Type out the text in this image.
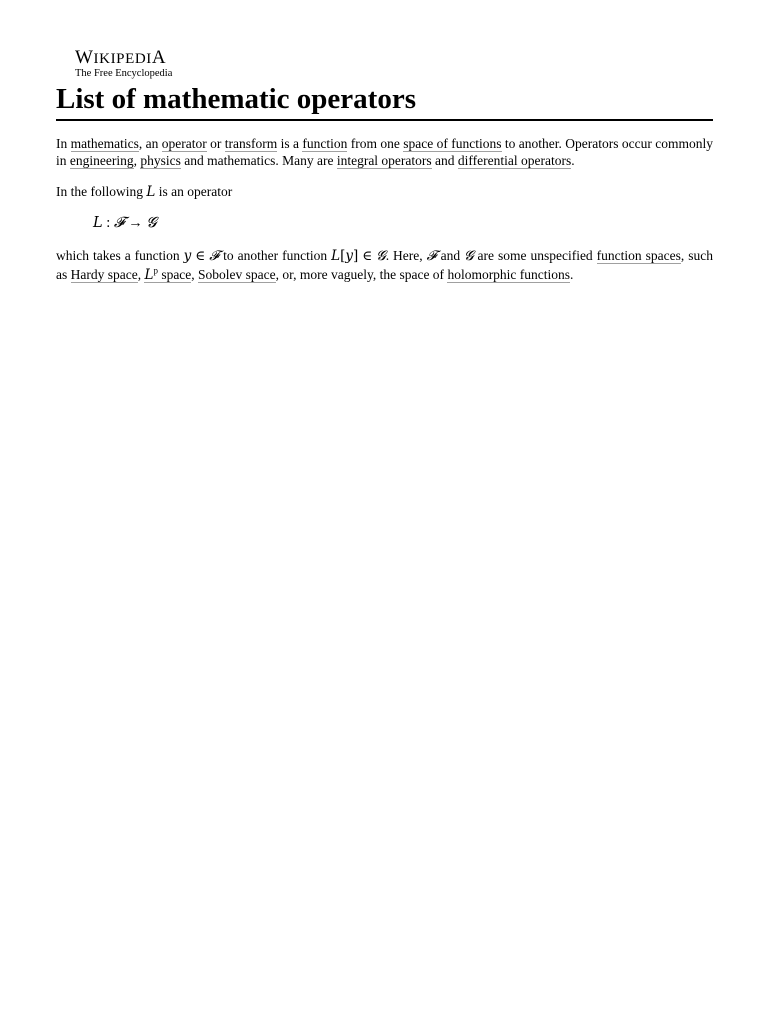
WIKIPEDIA
The Free Encyclopedia
List of mathematic operators

In mathematics, an operator or transform is a function from one space of functions to another. Operators occur commonly in engineering, physics and mathematics. Many are integral operators and differential operators.

In the following L is an operator

L : 𝓕 → 𝓖

which takes a function y ∈ 𝓕 to another function L[y] ∈ 𝓖. Here, 𝓕 and 𝓖 are some unspecified function spaces, such as Hardy space, $L^p$ space, Sobolev space, or, more vaguely, the space of holomorphic functions.
